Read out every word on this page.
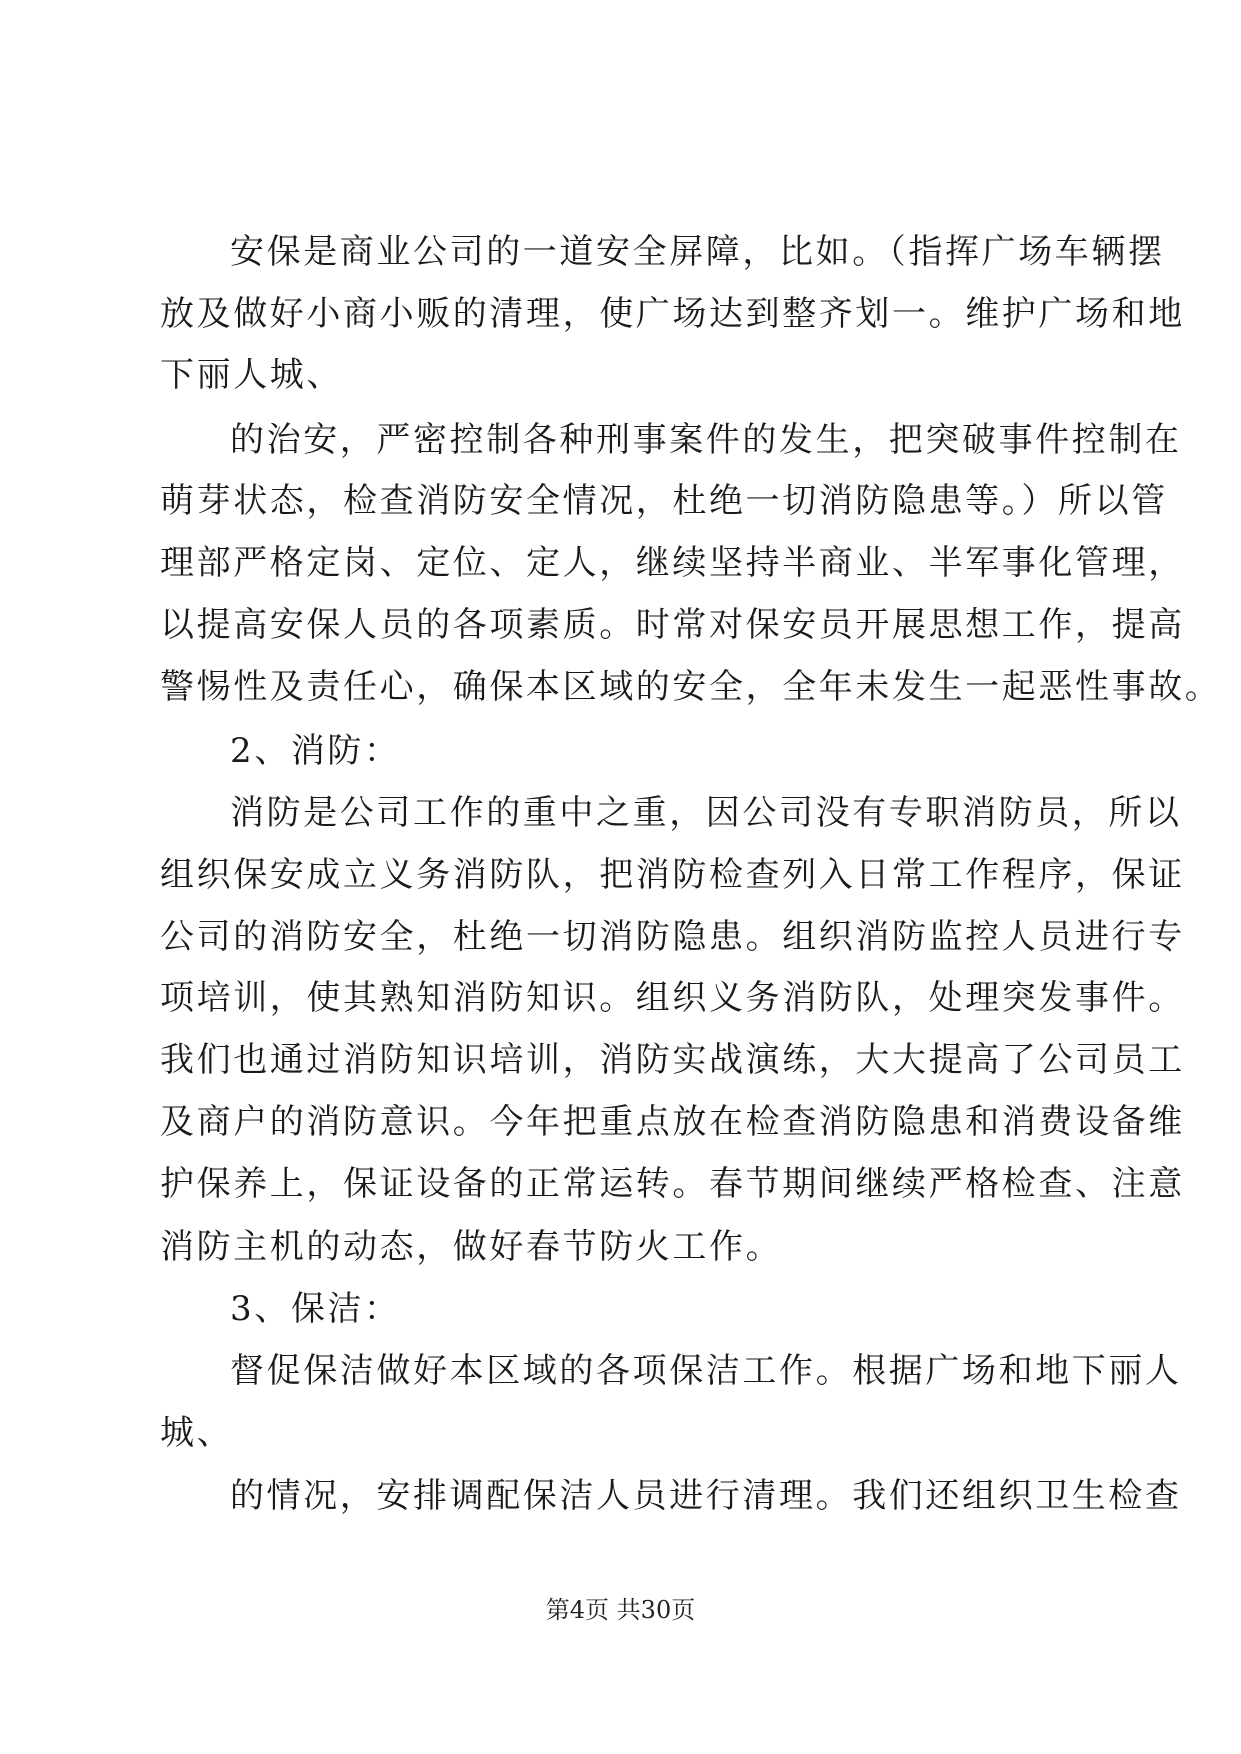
安保是商业公司的一道安全屏障，比如。（指挥广场车辆摆
放及做好小商小贩的清理，使广场达到整齐划一。维护广场和地
下丽人城、
的治安，严密控制各种刑事案件的发生，把突破事件控制在
萌芽状态，检查消防安全情况，杜绝一切消防隐患等。）所以管
理部严格定岗、定位、定人，继续坚持半商业、半军事化管理，
以提高安保人员的各项素质。时常对保安员开展思想工作，提高
警惕性及责任心，确保本区域的安全，全年未发生一起恶性事故。
2、消防：
消防是公司工作的重中之重，因公司没有专职消防员，所以
组织保安成立义务消防队，把消防检查列入日常工作程序，保证
公司的消防安全，杜绝一切消防隐患。组织消防监控人员进行专
项培训，使其熟知消防知识。组织义务消防队，处理突发事件。
我们也通过消防知识培训，消防实战演练，大大提高了公司员工
及商户的消防意识。今年把重点放在检查消防隐患和消费设备维
护保养上，保证设备的正常运转。春节期间继续严格检查、注意
消防主机的动态，做好春节防火工作。
3、保洁：
督促保洁做好本区域的各项保洁工作。根据广场和地下丽人
城、
的情况，安排调配保洁人员进行清理。我们还组织卫生检查
第4页 共30页
